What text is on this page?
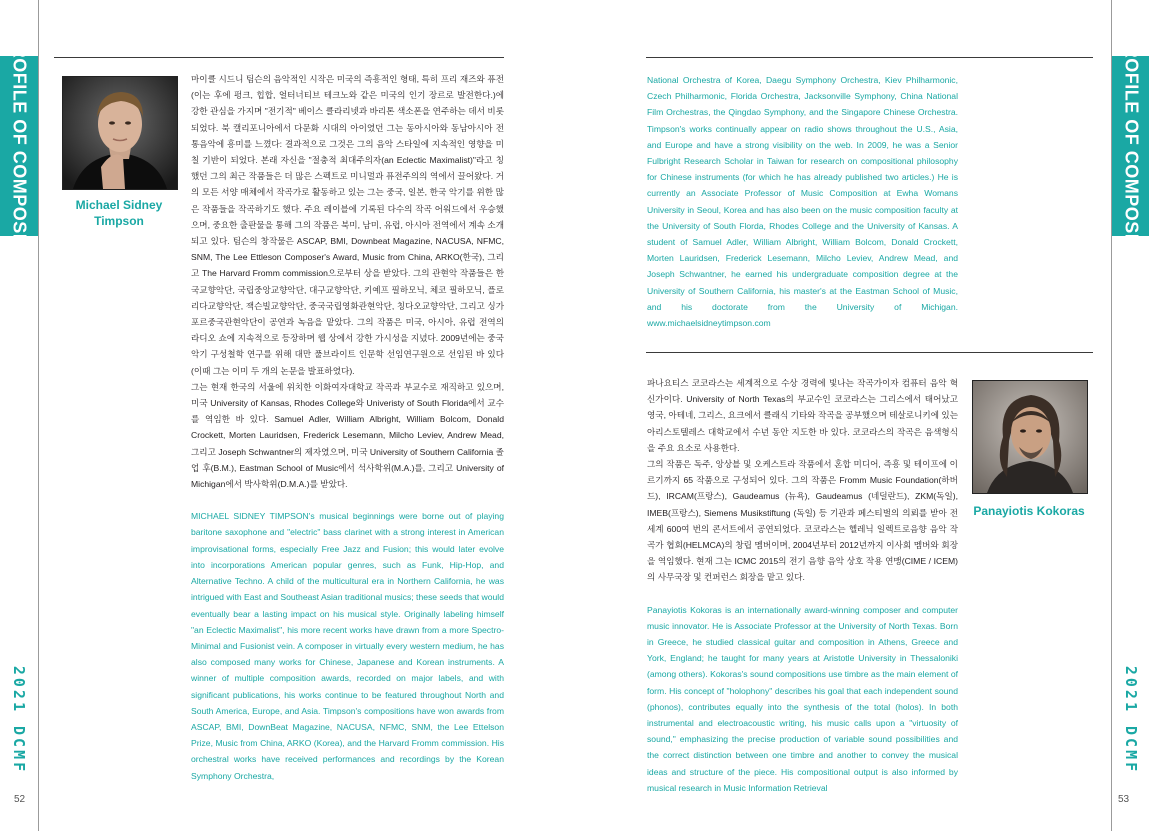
PROFILE OF COMPOSER	PROFILE OF COMPOSER
2021 DCMF	2021 DCMF
52	53
Michael Sidney Timpson

마이클 시드니 팀슨의 음악적인 시작은 미국의 즉흥적인 형태, 특히 프리 재즈와 퓨전(이는 후에 펑크, 힙합, 얼터너티브 테크노와 같은 미국의 인기 장르로 발전한다.)에 강한 관심을 가지며 "전기적" 베이스 클라리넷과 바리톤 색소폰을 연주하는 데서 비롯되었다. 북 캘리포니아에서 다문화 시대의 아이였던 그는 동아시아와 동남아시아 전통음악에 흥미를 느꼈다: 결과적으로 그것은 그의 음악 스타일에 지속적인 영향을 미칠 기반이 되었다. 본래 자신을 "절충적 최대주의자(an Eclectic Maximalist)"라고 칭했던 그의 최근 작품들은 더 많은 스펙트로 미니멀과 퓨전주의의 역에서 끌어왔다. 거의 모든 서양 매체에서 작곡가로 활동하고 있는 그는 중국, 일본, 한국 악기를 위한 많은 작품들을 작곡하기도 했다. 주요 레이블에 기록된 다수의 작곡 어워드에서 우승했으며, 중요한 출판물을 통해 그의 작품은 북미, 남미, 유럽, 아시아 전역에서 계속 소개되고 있다. 팀슨의 창작물은 ASCAP, BMI, Downbeat Magazine, NACUSA, NFMC, SNM, The Lee Ettleson Composer's Award, Music from China, ARKO(한국), 그리고 The Harvard Fromm commission으로부터 상을 받았다. 그의 관현악 작품들은 한국교향악단, 국립중앙교향악단, 대구교향악단, 키예프 필하모닉, 체코 필하모닉, 플로리다교향악단, 잭슨빌교향악단, 중국국립영화관현악단, 칭다오교향악단, 그리고 싱가포르중국관현악단이 공연과 녹음을 맡았다. 그의 작품은 미국, 아시아, 유럽 전역의 라디오 쇼에 지속적으로 등장하며 웹 상에서 강한 가시성을 지녔다. 2009년에는 중국 악기 구성철학 연구를 위해 대만 풀브라이트 인문학 선임연구원으로 선임된 바 있다(이때 그는 이미 두 개의 논문을 발표하였다).

그는 현재 한국의 서울에 위치한 이화여자대학교 작곡과 부교수로 재직하고 있으며, 미국 University of Kansas, Rhodes College와 Univeristy of South Florida에서 교수를 역임한 바 있다. Samuel Adler, William Albright, William Bolcom, Donald Crockett, Morten Lauridsen, Frederick Lesemann, Milcho Leviev, Andrew Mead, 그리고 Joseph Schwantner의 제자였으며, 미국 University of Southern California 졸업 후(B.M.), Eastman School of Music에서 석사학위(M.A.)를, 그리고 University of Michigan에서 박사학위(D.M.A.)를 받았다.

MICHAEL SIDNEY TIMPSON's musical beginnings were borne out of playing baritone saxophone and "electric" bass clarinet with a strong interest in American improvisational forms, especially Free Jazz and Fusion; this would later evolve into incorporations American popular genres, such as Funk, Hip-Hop, and Alternative Techno. A child of the multicultural era in Northern California, he was intrigued with East and Southeast Asian traditional musics; these seeds that would eventually bear a lasting impact on his musical style. Originally labeling himself "an Eclectic Maximalist", his more recent works have drawn from a more Spectro-Minimal and Fusionist vein. A composer in virtually every western medium, he has also composed many works for Chinese, Japanese and Korean instruments. A winner of multiple composition awards, recorded on major labels, and with significant publications, his works continue to be featured throughout North and South America, Europe, and Asia. Timpson's compositions have won awards from ASCAP, BMI, DownBeat Magazine, NACUSA, NFMC, SNM, the Lee Ettelson Prize, Music from China, ARKO (Korea), and the Harvard Fromm commission. His orchestral works have received performances and recordings by the Korean Symphony Orchestra,

National Orchestra of Korea, Daegu Symphony Orchestra, Kiev Philharmonic, Czech Philharmonic, Florida Orchestra, Jacksonville Symphony, China National Film Orchestras, the Qingdao Symphony, and the Singapore Chinese Orchestra. Timpson's works continually appear on radio shows throughout the U.S., Asia, and Europe and have a strong visibility on the web. In 2009, he was a Senior Fulbright Research Scholar in Taiwan for research on compositional philosophy for Chinese instruments (for which he has already published two articles.) He is currently an Associate Professor of Music Composition at Ewha Womans University in Seoul, Korea and has also been on the music composition faculty at the University of South Florda, Rhodes College and the University of Kansas. A student of Samuel Adler, William Albright, William Bolcom, Donald Crockett, Morten Lauridsen, Frederick Lesemann, Milcho Leviev, Andrew Mead, and Joseph Schwantner, he earned his undergraduate composition degree at the University of Southern California, his master's at the Eastman School of Music, and his doctorate from the University of Michigan. www.michaelsidneytimpson.com

Panayiotis Kokoras

파나요티스 코코라스는 세계적으로 수상 경력에 빛나는 작곡가이자 컴퓨터 음악 혁신가이다. University of North Texas의 부교수인 코코라스는 그리스에서 태어났고 영국, 아테네, 그리스, 요크에서 클래식 기타와 작곡을 공부했으며 테살로니키에 있는 아리스토텔레스 대학교에서 수년 동안 지도한 바 있다. 코코라스의 작곡은 음색형식을 주요 요소로 사용한다.

그의 작품은 독주, 앙상블 및 오케스트라 작품에서 혼합 미디어, 즉흥 및 테이프에 이르기까지 65 작품으로 구성되어 있다. 그의 작품은 Fromm Music Foundation(하버드), IRCAM(프랑스), Gaudeamus (뉴욕), Gaudeamus (네덜란드), ZKM(독일), IMEB(프랑스), Siemens Musikstiftung (독일) 등 기관과 페스티벌의 의뢰를 받아 전 세계 600여 번의 콘서트에서 공연되었다. 코코라스는 헬레닉 일렉트로음향 음악 작곡가 협회(HELMCA)의 창립 멤버이며, 2004년부터 2012년까지 이사회 멤버와 회장을 역임했다. 현재 그는 ICMC 2015의 전기 음향 음악 상호 작용 연맹(CIME / ICEM)의 사무국장 및 컨퍼런스 회장을 맡고 있다.

Panayiotis Kokoras is an internationally award-winning composer and computer music innovator. He is Associate Professor at the University of North Texas. Born in Greece, he studied classical guitar and composition in Athens, Greece and York, England; he taught for many years at Aristotle University in Thessaloniki (among others). Kokoras's sound compositions use timbre as the main element of form. His concept of "holophony" describes his goal that each independent sound (phonos), contributes equally into the synthesis of the total (holos). In both instrumental and electroacoustic writing, his music calls upon a "virtuosity of sound," emphasizing the precise production of variable sound possibilities and the correct distinction between one timbre and another to convey the musical ideas and structure of the piece. His compositional output is also informed by musical research in Music Information Retrieval
